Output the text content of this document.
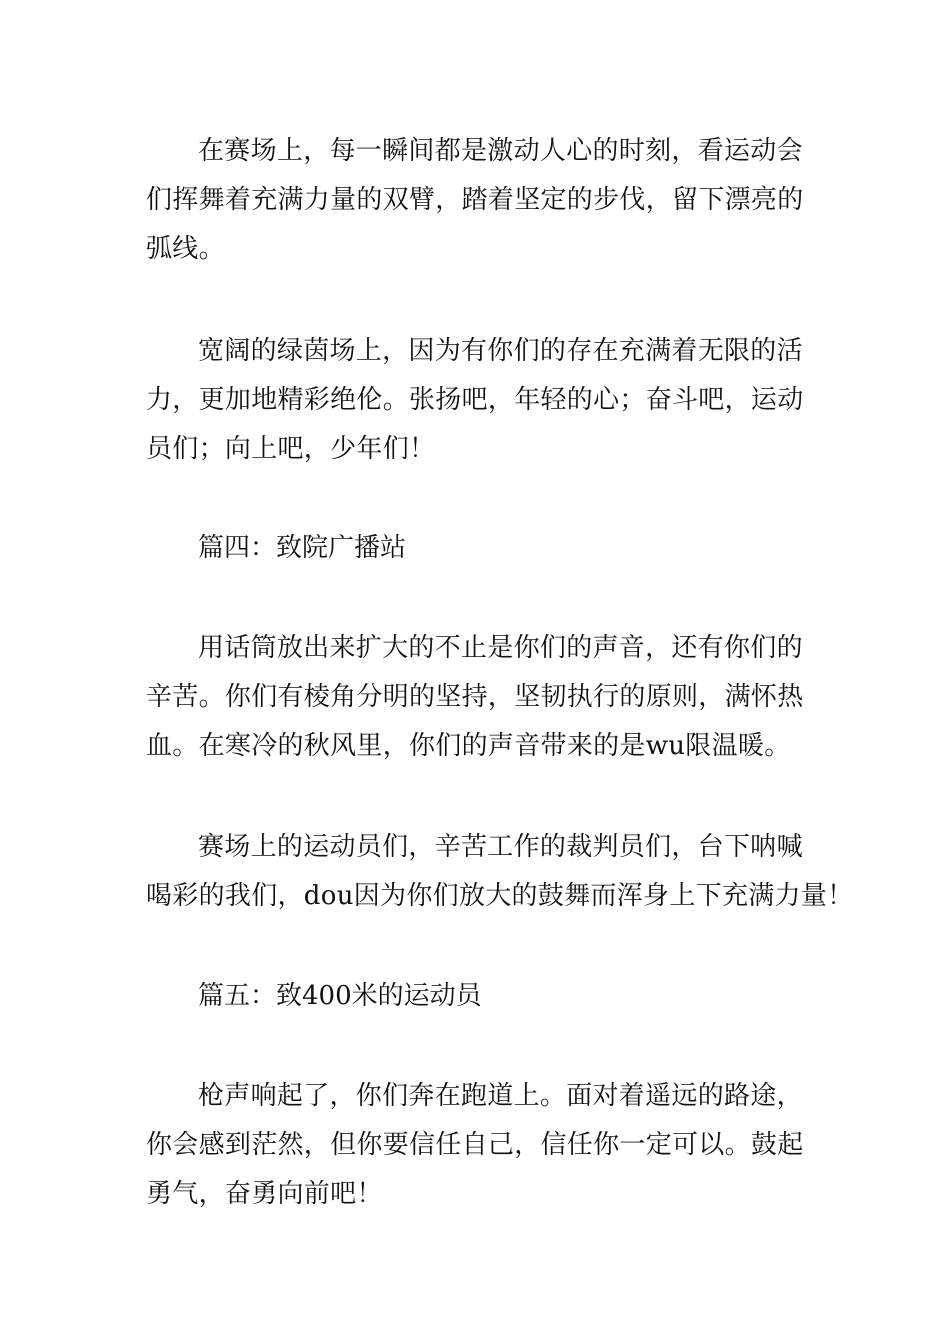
在赛场上，每一瞬间都是激动人心的时刻，看运动会
们挥舞着充满力量的双臂，踏着坚定的步伐，留下漂亮的
弧线。
宽阔的绿茵场上，因为有你们的存在充满着无限的活
力，更加地精彩绝伦。张扬吧，年轻的心；奋斗吧，运动
员们；向上吧，少年们！
篇四：致院广播站
用话筒放出来扩大的不止是你们的声音，还有你们的
辛苦。你们有棱角分明的坚持，坚韧执行的原则，满怀热
血。在寒冷的秋风里，你们的声音带来的是wu限温暖。
赛场上的运动员们，辛苦工作的裁判员们，台下呐喊
喝彩的我们，dou因为你们放大的鼓舞而浑身上下充满力量！
篇五：致400米的运动员
枪声响起了，你们奔在跑道上。面对着遥远的路途，
你会感到茫然，但你要信任自己，信任你一定可以。鼓起
勇气，奋勇向前吧！
